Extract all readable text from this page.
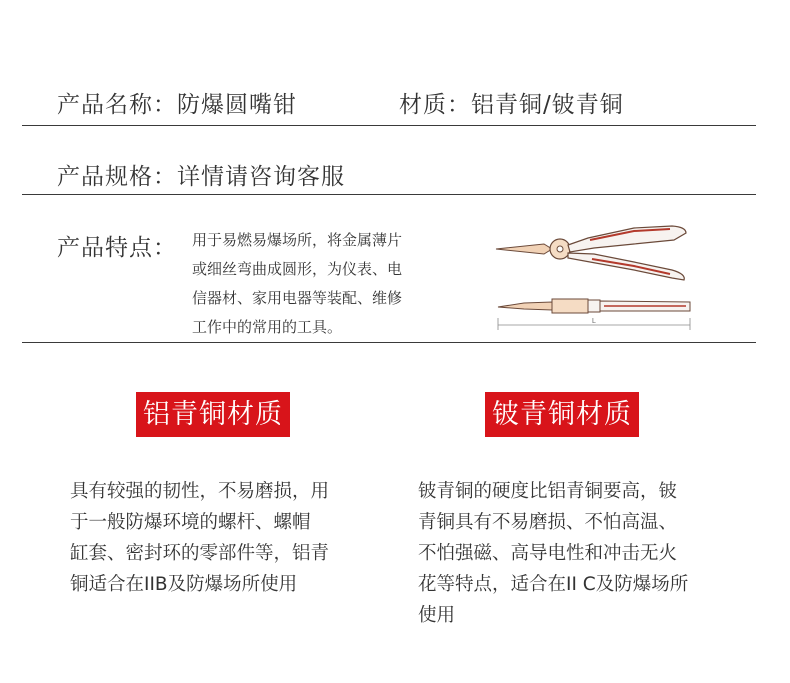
产品名称：防爆圆嘴钳	材质：铝青铜/铍青铜
产品规格：详情请咨询客服
产品特点： 用于易燃易爆场所，将金属薄片
或细丝弯曲成圆形，为仪表、电
信器材、家用电器等装配、维修
工作中的常用的工具。	L
铝青铜材质	铍青铜材质
具有较强的韧性，不易磨损，用
于一般防爆环境的螺杆、螺帽
缸套、密封环的零部件等，铝青
铜适合在IIB及防爆场所使用
铍青铜的硬度比铝青铜要高，铍
青铜具有不易磨损、不怕高温、
不怕强磁、高导电性和冲击无火
花等特点，适合在II C及防爆场所
使用
